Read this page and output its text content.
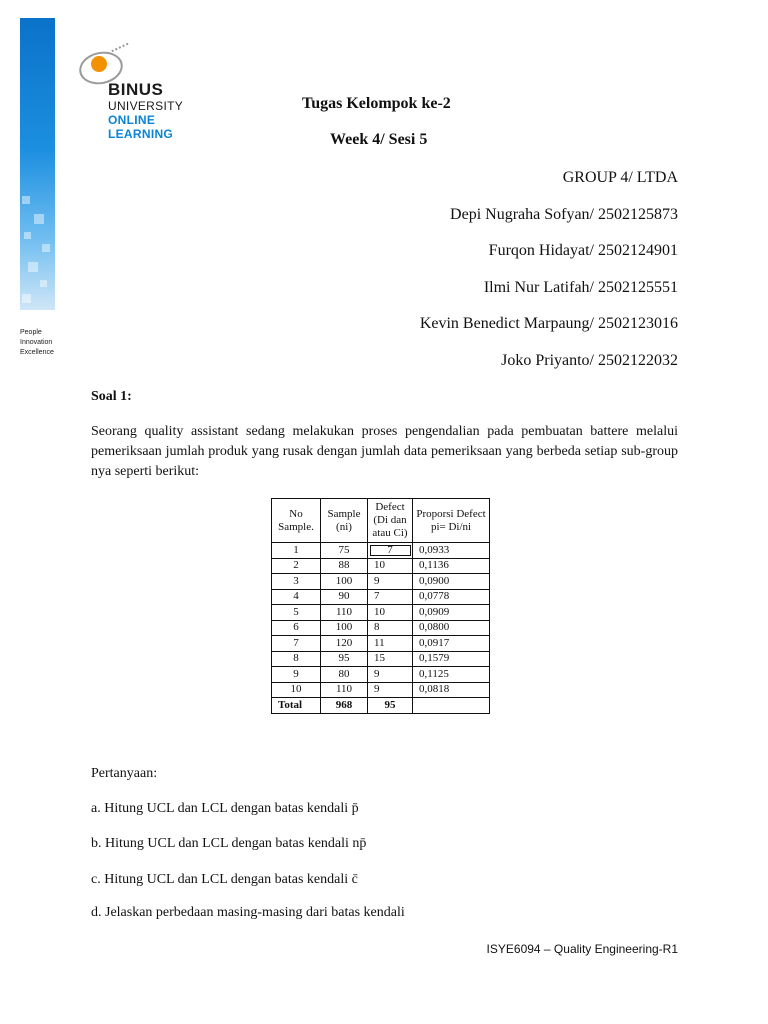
People
Innovation
Excellence
BINUS
UNIVERSITY
ONLINE
LEARNING
Tugas Kelompok ke-2
Week 4/ Sesi 5
GROUP 4/ LTDA
Depi Nugraha Sofyan/ 2502125873
Furqon Hidayat/ 2502124901
Ilmi Nur Latifah/ 2502125551
Kevin Benedict Marpaung/ 2502123016
Joko Priyanto/ 2502122032
Soal 1:
Seorang quality assistant sedang melakukan proses pengendalian pada pembuatan battere melalui pemeriksaan jumlah produk yang rusak dengan jumlah data pemeriksaan yang berbeda setiap sub-group nya seperti berikut:
No Sample.	Sample (ni)	Defect (Di dan atau Ci)	Proporsi Defect pi= Di/ni
1	75	7	0,0933
2	88	10	0,1136
3	100	9	0,0900
4	90	7	0,0778
5	110	10	0,0909
6	100	8	0,0800
7	120	11	0,0917
8	95	15	0,1579
9	80	9	0,1125
10	110	9	0,0818
Total	968	95	
Pertanyaan:
a. Hitung UCL dan LCL dengan batas kendali p̄
b. Hitung UCL dan LCL dengan batas kendali np̄
c. Hitung UCL dan LCL dengan batas kendali c̄
d. Jelaskan perbedaan masing-masing dari batas kendali
ISYE6094 – Quality Engineering-R1
